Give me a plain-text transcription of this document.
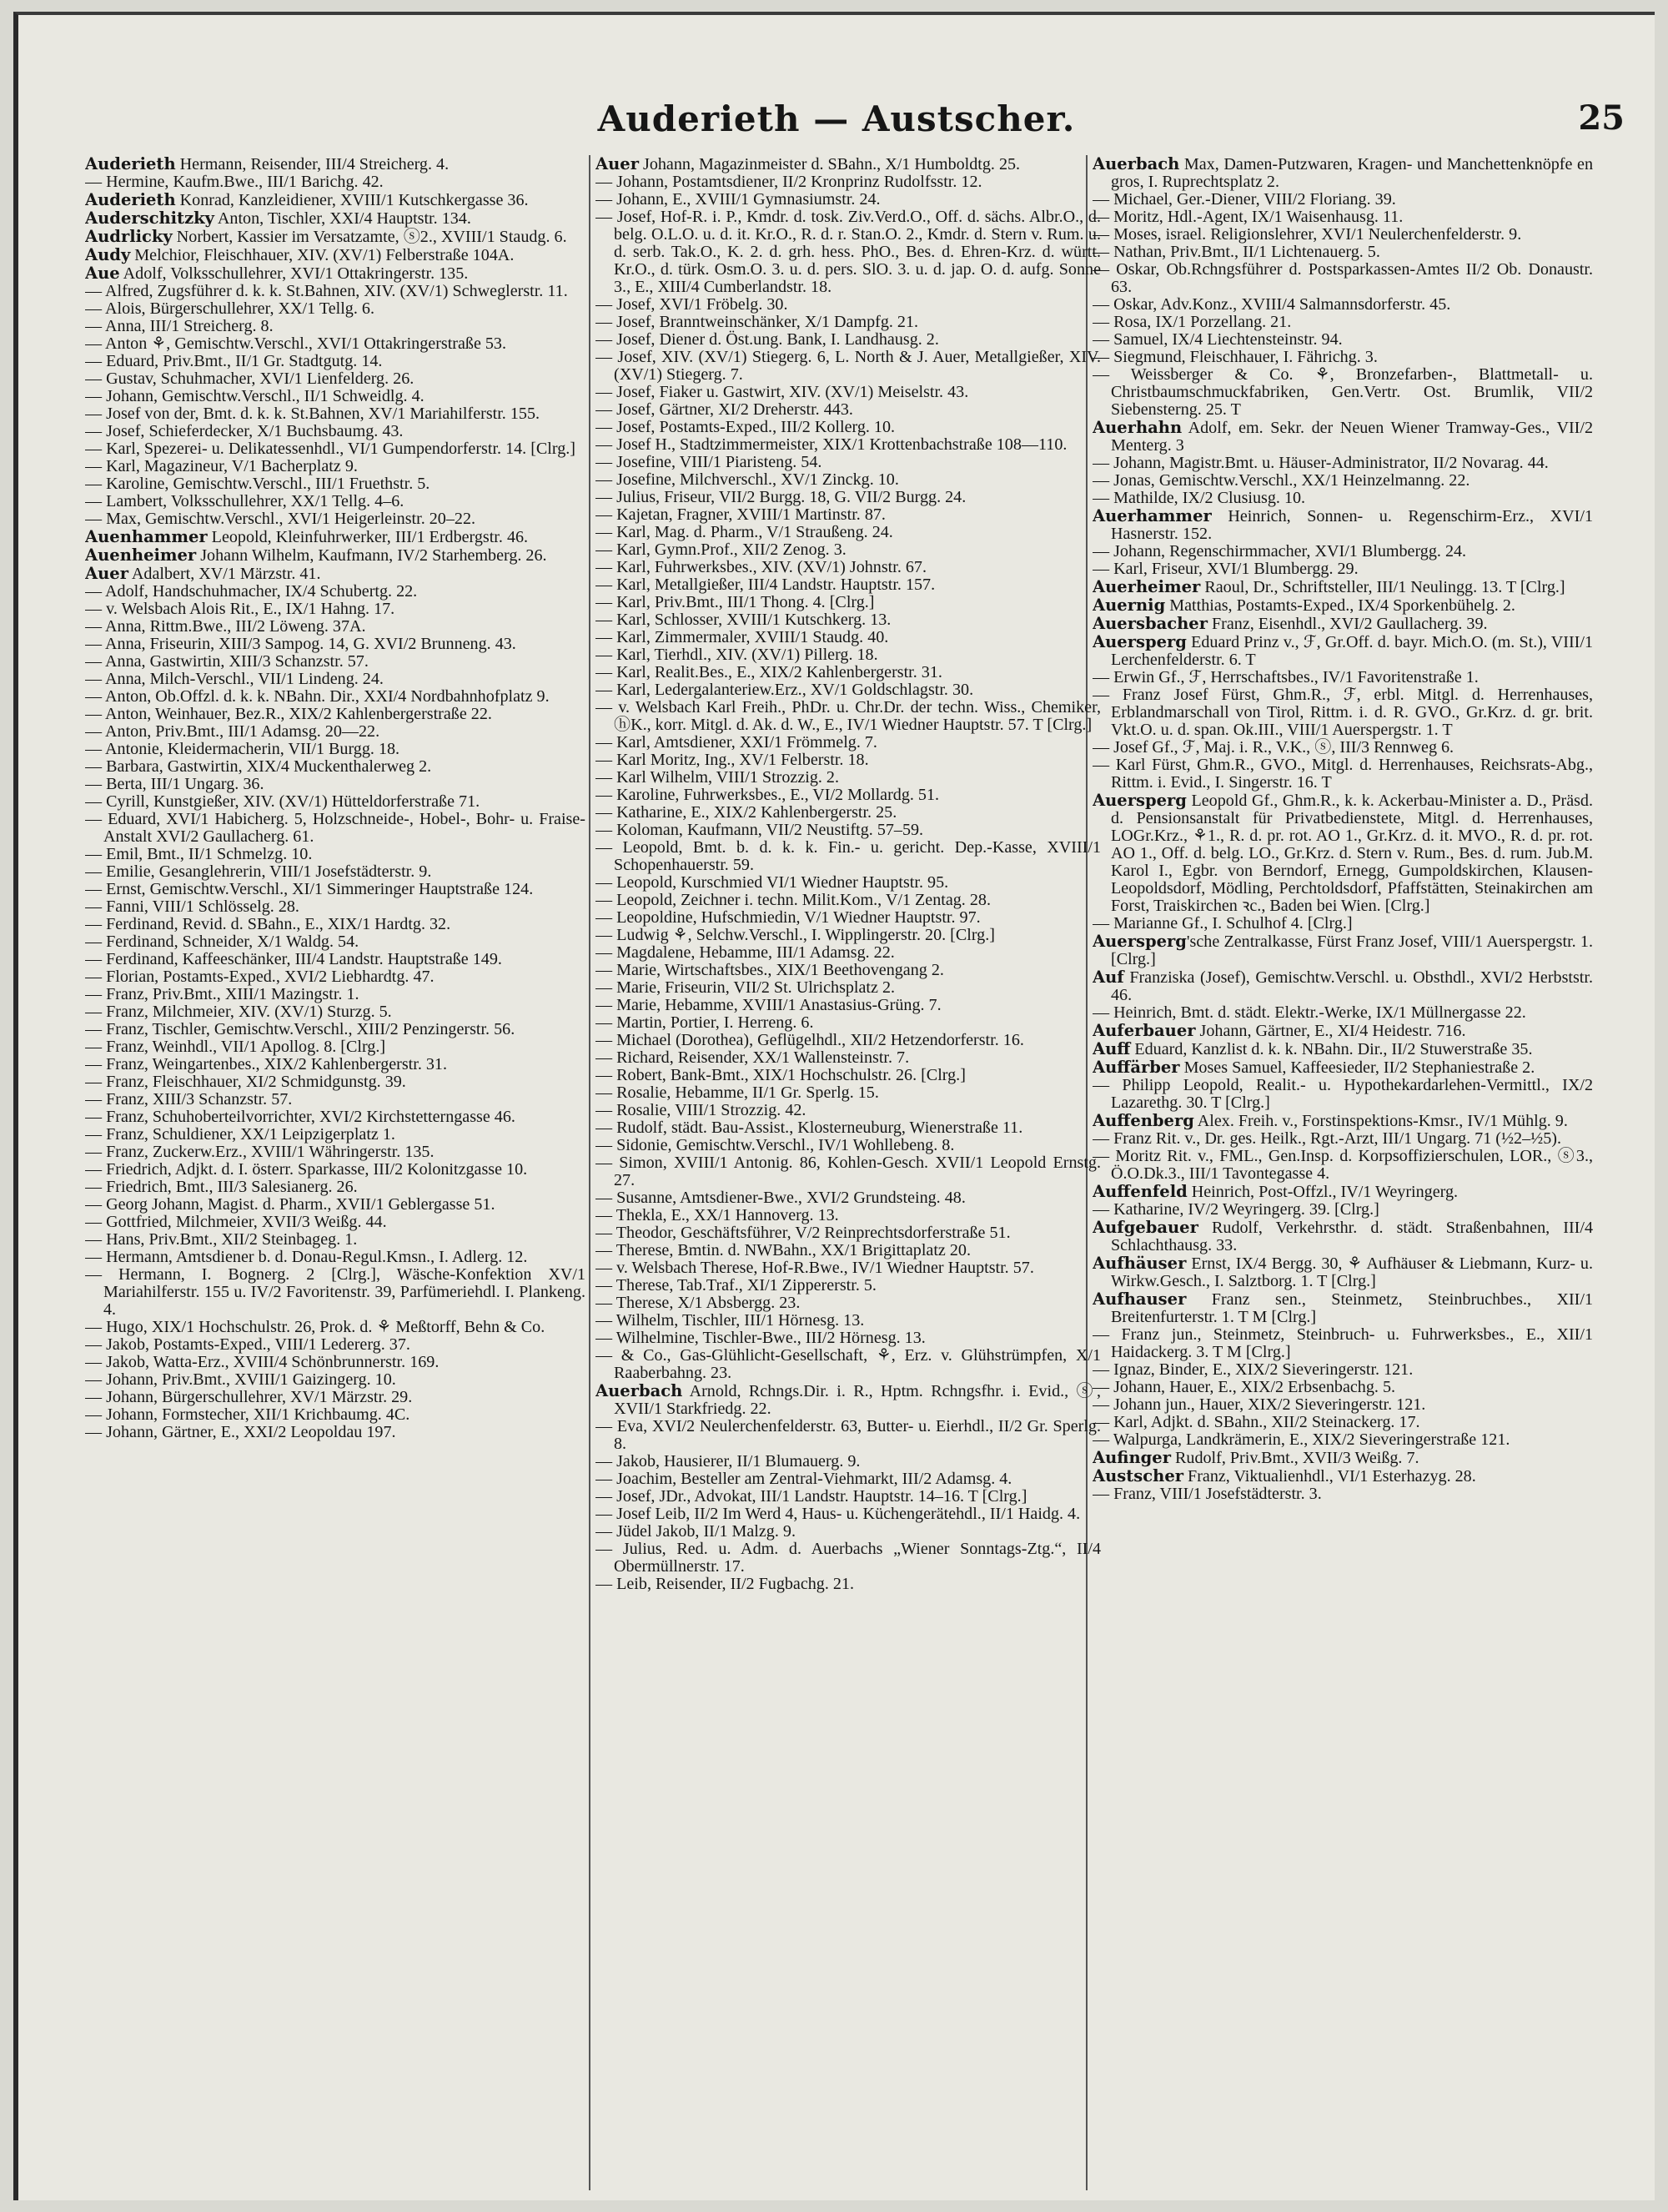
Auderieth — Austscher.	25

Auderieth Hermann, Reisender, III/4 Streicherg. 4.

— Hermine, Kaufm.Bwe., III/1 Barichg. 42.

Auderieth Konrad, Kanzleidiener, XVIII/1 Kutschkergasse 36.

Auderschitzky Anton, Tischler, XXI/4 Hauptstr. 134.

Audrlicky Norbert, Kassier im Versatzamte, ⓢ2., XVIII/1 Staudg. 6.

Audy Melchior, Fleischhauer, XIV. (XV/1) Felberstraße 104A.

Aue Adolf, Volksschullehrer, XVI/1 Ottakringerstr. 135.

— Alfred, Zugsführer d. k. k. St.Bahnen, XIV. (XV/1) Schweglerstr. 11.

— Alois, Bürgerschullehrer, XX/1 Tellg. 6.

— Anna, III/1 Streicherg. 8.

— Anton ⚘, Gemischtw.Verschl., XVI/1 Ottakringerstraße 53.

— Eduard, Priv.Bmt., II/1 Gr. Stadtgutg. 14.

— Gustav, Schuhmacher, XVI/1 Lienfelderg. 26.

— Johann, Gemischtw.Verschl., II/1 Schweidlg. 4.

— Josef von der, Bmt. d. k. k. St.Bahnen, XV/1 Mariahilferstr. 155.

— Josef, Schieferdecker, X/1 Buchsbaumg. 43.

— Karl, Spezerei- u. Delikatessenhdl., VI/1 Gumpendorferstr. 14. [Clrg.]

— Karl, Magazineur, V/1 Bacherplatz 9.

— Karoline, Gemischtw.Verschl., III/1 Fruethstr. 5.

— Lambert, Volksschullehrer, XX/1 Tellg. 4–6.

— Max, Gemischtw.Verschl., XVI/1 Heigerleinstr. 20–22.

Auenhammer Leopold, Kleinfuhrwerker, III/1 Erdbergstr. 46.

Auenheimer Johann Wilhelm, Kaufmann, IV/2 Starhemberg. 26.

Auer Adalbert, XV/1 Märzstr. 41.

— Adolf, Handschuhmacher, IX/4 Schubertg. 22.

— v. Welsbach Alois Rit., E., IX/1 Hahng. 17.

— Anna, Rittm.Bwe., III/2 Löweng. 37A.

— Anna, Friseurin, XIII/3 Sampog. 14, G. XVI/2 Brunneng. 43.

— Anna, Gastwirtin, XIII/3 Schanzstr. 57.

— Anna, Milch-Verschl., VII/1 Lindeng. 24.

— Anton, Ob.Offzl. d. k. k. NBahn. Dir., XXI/4 Nordbahnhofplatz 9.

— Anton, Weinhauer, Bez.R., XIX/2 Kahlenbergerstraße 22.

— Anton, Priv.Bmt., III/1 Adamsg. 20—22.

— Antonie, Kleidermacherin, VII/1 Burgg. 18.

— Barbara, Gastwirtin, XIX/4 Muckenthalerweg 2.

— Berta, III/1 Ungarg. 36.

— Cyrill, Kunstgießer, XIV. (XV/1) Hütteldorferstraße 71.

— Eduard, XVI/1 Habicherg. 5, Holzschneide-, Hobel-, Bohr- u. Fraise-Anstalt XVI/2 Gaullacherg. 61.

— Emil, Bmt., II/1 Schmelzg. 10.

— Emilie, Gesanglehrerin, VIII/1 Josefstädterstr. 9.

— Ernst, Gemischtw.Verschl., XI/1 Simmeringer Hauptstraße 124.

— Fanni, VIII/1 Schlösselg. 28.

— Ferdinand, Revid. d. SBahn., E., XIX/1 Hardtg. 32.

— Ferdinand, Schneider, X/1 Waldg. 54.

— Ferdinand, Kaffeeschänker, III/4 Landstr. Hauptstraße 149.

— Florian, Postamts-Exped., XVI/2 Liebhardtg. 47.

— Franz, Priv.Bmt., XIII/1 Mazingstr. 1.

— Franz, Milchmeier, XIV. (XV/1) Sturzg. 5.

— Franz, Tischler, Gemischtw.Verschl., XIII/2 Penzingerstr. 56.

— Franz, Weinhdl., VII/1 Apollog. 8. [Clrg.]

— Franz, Weingartenbes., XIX/2 Kahlenbergerstr. 31.

— Franz, Fleischhauer, XI/2 Schmidgunstg. 39.

— Franz, XIII/3 Schanzstr. 57.

— Franz, Schuhoberteilvorrichter, XVI/2 Kirchstetterngasse 46.

— Franz, Schuldiener, XX/1 Leipzigerplatz 1.

— Franz, Zuckerw.Erz., XVIII/1 Währingerstr. 135.

— Friedrich, Adjkt. d. I. österr. Sparkasse, III/2 Kolonitzgasse 10.

— Friedrich, Bmt., III/3 Salesianerg. 26.

— Georg Johann, Magist. d. Pharm., XVII/1 Geblergasse 51.

— Gottfried, Milchmeier, XVII/3 Weißg. 44.

— Hans, Priv.Bmt., XII/2 Steinbageg. 1.

— Hermann, Amtsdiener b. d. Donau-Regul.Kmsn., I. Adlerg. 12.

— Hermann, I. Bognerg. 2 [Clrg.], Wäsche-Konfektion XV/1 Mariahilferstr. 155 u. IV/2 Favoritenstr. 39, Parfümeriehdl. I. Plankeng. 4.

— Hugo, XIX/1 Hochschulstr. 26, Prok. d. ⚘ Meßtorff, Behn & Co.

— Jakob, Postamts-Exped., VIII/1 Ledererg. 37.

— Jakob, Watta-Erz., XVIII/4 Schönbrunnerstr. 169.

— Johann, Priv.Bmt., XVIII/1 Gaizingerg. 10.

— Johann, Bürgerschullehrer, XV/1 Märzstr. 29.

— Johann, Formstecher, XII/1 Krichbaumg. 4C.

— Johann, Gärtner, E., XXI/2 Leopoldau 197.

Auer Johann, Magazinmeister d. SBahn., X/1 Humboldtg. 25.

— Johann, Postamtsdiener, II/2 Kronprinz Rudolfsstr. 12.

— Johann, E., XVIII/1 Gymnasiumstr. 24.

— Josef, Hof-R. i. P., Kmdr. d. tosk. Ziv.Verd.O., Off. d. sächs. Albr.O., d. belg. O.L.O. u. d. it. Kr.O., R. d. r. Stan.O. 2., Kmdr. d. Stern v. Rum. u. d. serb. Tak.O., K. 2. d. grh. hess. PhO., Bes. d. Ehren-Krz. d. württ. Kr.O., d. türk. Osm.O. 3. u. d. pers. SlO. 3. u. d. jap. O. d. aufg. Sonne 3., E., XIII/4 Cumberlandstr. 18.

— Josef, XVI/1 Fröbelg. 30.

— Josef, Branntweinschänker, X/1 Dampfg. 21.

— Josef, Diener d. Öst.ung. Bank, I. Landhausg. 2.

— Josef, XIV. (XV/1) Stiegerg. 6, L. North & J. Auer, Metallgießer, XIV. (XV/1) Stiegerg. 7.

— Josef, Fiaker u. Gastwirt, XIV. (XV/1) Meiselstr. 43.

— Josef, Gärtner, XI/2 Dreherstr. 443.

— Josef, Postamts-Exped., III/2 Kollerg. 10.

— Josef H., Stadtzimmermeister, XIX/1 Krottenbachstraße 108—110.

— Josefine, VIII/1 Piaristeng. 54.

— Josefine, Milchverschl., XV/1 Zinckg. 10.

— Julius, Friseur, VII/2 Burgg. 18, G. VII/2 Burgg. 24.

— Kajetan, Fragner, XVIII/1 Martinstr. 87.

— Karl, Mag. d. Pharm., V/1 Straußeng. 24.

— Karl, Gymn.Prof., XII/2 Zenog. 3.

— Karl, Fuhrwerksbes., XIV. (XV/1) Johnstr. 67.

— Karl, Metallgießer, III/4 Landstr. Hauptstr. 157.

— Karl, Priv.Bmt., III/1 Thong. 4. [Clrg.]

— Karl, Schlosser, XVIII/1 Kutschkerg. 13.

— Karl, Zimmermaler, XVIII/1 Staudg. 40.

— Karl, Tierhdl., XIV. (XV/1) Pillerg. 18.

— Karl, Realit.Bes., E., XIX/2 Kahlenbergerstr. 31.

— Karl, Ledergalanteriew.Erz., XV/1 Goldschlagstr. 30.

— v. Welsbach Karl Freih., PhDr. u. Chr.Dr. der techn. Wiss., Chemiker, ⓗK., korr. Mitgl. d. Ak. d. W., E., IV/1 Wiedner Hauptstr. 57. T [Clrg.]

— Karl, Amtsdiener, XXI/1 Frömmelg. 7.

— Karl Moritz, Ing., XV/1 Felberstr. 18.

— Karl Wilhelm, VIII/1 Strozzig. 2.

— Karoline, Fuhrwerksbes., E., VI/2 Mollardg. 51.

— Katharine, E., XIX/2 Kahlenbergerstr. 25.

— Koloman, Kaufmann, VII/2 Neustiftg. 57–59.

— Leopold, Bmt. b. d. k. k. Fin.- u. gericht. Dep.-Kasse, XVIII/1 Schopenhauerstr. 59.

— Leopold, Kurschmied VI/1 Wiedner Hauptstr. 95.

— Leopold, Zeichner i. techn. Milit.Kom., V/1 Zentag. 28.

— Leopoldine, Hufschmiedin, V/1 Wiedner Hauptstr. 97.

— Ludwig ⚘, Selchw.Verschl., I. Wipplingerstr. 20. [Clrg.]

— Magdalene, Hebamme, III/1 Adamsg. 22.

— Marie, Wirtschaftsbes., XIX/1 Beethovengang 2.

— Marie, Friseurin, VII/2 St. Ulrichsplatz 2.

— Marie, Hebamme, XVIII/1 Anastasius-Grüng. 7.

— Martin, Portier, I. Herreng. 6.

— Michael (Dorothea), Geflügelhdl., XII/2 Hetzendorferstr. 16.

— Richard, Reisender, XX/1 Wallensteinstr. 7.

— Robert, Bank-Bmt., XIX/1 Hochschulstr. 26. [Clrg.]

— Rosalie, Hebamme, II/1 Gr. Sperlg. 15.

— Rosalie, VIII/1 Strozzig. 42.

— Rudolf, städt. Bau-Assist., Klosterneuburg, Wienerstraße 11.

— Sidonie, Gemischtw.Verschl., IV/1 Wohllebeng. 8.

— Simon, XVIII/1 Antonig. 86, Kohlen-Gesch. XVII/1 Leopold Ernstg. 27.

— Susanne, Amtsdiener-Bwe., XVI/2 Grundsteing. 48.

— Thekla, E., XX/1 Hannoverg. 13.

— Theodor, Geschäftsführer, V/2 Reinprechtsdorferstraße 51.

— Therese, Bmtin. d. NWBahn., XX/1 Brigittaplatz 20.

— v. Welsbach Therese, Hof-R.Bwe., IV/1 Wiedner Hauptstr. 57.

— Therese, Tab.Traf., XI/1 Zippererstr. 5.

— Therese, X/1 Absbergg. 23.

— Wilhelm, Tischler, III/1 Hörnesg. 13.

— Wilhelmine, Tischler-Bwe., III/2 Hörnesg. 13.

— & Co., Gas-Glühlicht-Gesellschaft, ⚘, Erz. v. Glühstrümpfen, X/1 Raaberbahng. 23.

Auerbach Arnold, Rchngs.Dir. i. R., Hptm. Rchngsfhr. i. Evid., ⓢ, XVII/1 Starkfriedg. 22.

— Eva, XVI/2 Neulerchenfelderstr. 63, Butter- u. Eierhdl., II/2 Gr. Sperlg. 8.

— Jakob, Hausierer, II/1 Blumauerg. 9.

— Joachim, Besteller am Zentral-Viehmarkt, III/2 Adamsg. 4.

— Josef, JDr., Advokat, III/1 Landstr. Hauptstr. 14–16. T [Clrg.]

— Josef Leib, II/2 Im Werd 4, Haus- u. Küchengerätehdl., II/1 Haidg. 4.

— Jüdel Jakob, II/1 Malzg. 9.

— Julius, Red. u. Adm. d. Auerbachs „Wiener Sonntags-Ztg.“, II/4 Obermüllnerstr. 17.

— Leib, Reisender, II/2 Fugbachg. 21.

Auerbach Max, Damen-Putzwaren, Kragen- und Manchettenknöpfe en gros, I. Ruprechtsplatz 2.

— Michael, Ger.-Diener, VIII/2 Floriang. 39.

— Moritz, Hdl.-Agent, IX/1 Waisenhausg. 11.

— Moses, israel. Religionslehrer, XVI/1 Neulerchenfelderstr. 9.

— Nathan, Priv.Bmt., II/1 Lichtenauerg. 5.

— Oskar, Ob.Rchngsführer d. Postsparkassen-Amtes II/2 Ob. Donaustr. 63.

— Oskar, Adv.Konz., XVIII/4 Salmannsdorferstr. 45.

— Rosa, IX/1 Porzellang. 21.

— Samuel, IX/4 Liechtensteinstr. 94.

— Siegmund, Fleischhauer, I. Fährichg. 3.

— Weissberger & Co. ⚘, Bronzefarben-, Blattmetall- u. Christbaumschmuckfabriken, Gen.Vertr. Ost. Brumlik, VII/2 Siebensterng. 25. T

Auerhahn Adolf, em. Sekr. der Neuen Wiener Tramway-Ges., VII/2 Menterg. 3

— Johann, Magistr.Bmt. u. Häuser-Administrator, II/2 Novarag. 44.

— Jonas, Gemischtw.Verschl., XX/1 Heinzelmanng. 22.

— Mathilde, IX/2 Clusiusg. 10.

Auerhammer Heinrich, Sonnen- u. Regenschirm-Erz., XVI/1 Hasnerstr. 152.

— Johann, Regenschirmmacher, XVI/1 Blumbergg. 24.

— Karl, Friseur, XVI/1 Blumbergg. 29.

Auerheimer Raoul, Dr., Schriftsteller, III/1 Neulingg. 13. T [Clrg.]

Auernig Matthias, Postamts-Exped., IX/4 Sporkenbühelg. 2.

Auersbacher Franz, Eisenhdl., XVI/2 Gaullacherg. 39.

Auersperg Eduard Prinz v., ℱ, Gr.Off. d. bayr. Mich.O. (m. St.), VIII/1 Lerchenfelderstr. 6. T

— Erwin Gf., ℱ, Herrschaftsbes., IV/1 Favoritenstraße 1.

— Franz Josef Fürst, Ghm.R., ℱ, erbl. Mitgl. d. Herrenhauses, Erblandmarschall von Tirol, Rittm. i. d. R. GVO., Gr.Krz. d. gr. brit. Vkt.O. u. d. span. Ok.III., VIII/1 Auerspergstr. 1. T

— Josef Gf., ℱ, Maj. i. R., V.K., ⓢ, III/3 Rennweg 6.

— Karl Fürst, Ghm.R., GVO., Mitgl. d. Herrenhauses, Reichsrats-Abg., Rittm. i. Evid., I. Singerstr. 16. T

Auersperg Leopold Gf., Ghm.R., k. k. Ackerbau-Minister a. D., Präsd. d. Pensionsanstalt für Privatbedienstete, Mitgl. d. Herrenhauses, LOGr.Krz., ⚘1., R. d. pr. rot. AO 1., Gr.Krz. d. it. MVO., R. d. pr. rot. AO 1., Off. d. belg. LO., Gr.Krz. d. Stern v. Rum., Bes. d. rum. Jub.M. Karol I., Egbr. von Berndorf, Ernegg, Gumpoldskirchen, Klausen-Leopoldsdorf, Mödling, Perchtoldsdorf, Pfaffstätten, Steinakirchen am Forst, Traiskirchen ꝛc., Baden bei Wien. [Clrg.]

— Marianne Gf., I. Schulhof 4. [Clrg.]

Auersperg'sche Zentralkasse, Fürst Franz Josef, VIII/1 Auerspergstr. 1. [Clrg.]

Auf Franziska (Josef), Gemischtw.Verschl. u. Obsthdl., XVI/2 Herbststr. 46.

— Heinrich, Bmt. d. städt. Elektr.-Werke, IX/1 Müllnergasse 22.

Auferbauer Johann, Gärtner, E., XI/4 Heidestr. 716.

Auff Eduard, Kanzlist d. k. k. NBahn. Dir., II/2 Stuwerstraße 35.

Auffärber Moses Samuel, Kaffeesieder, II/2 Stephaniestraße 2.

— Philipp Leopold, Realit.- u. Hypothekardarlehen-Vermittl., IX/2 Lazarethg. 30. T [Clrg.]

Auffenberg Alex. Freih. v., Forstinspektions-Kmsr., IV/1 Mühlg. 9.

— Franz Rit. v., Dr. ges. Heilk., Rgt.-Arzt, III/1 Ungarg. 71 (½2–½5).

— Moritz Rit. v., FML., Gen.Insp. d. Korpsoffizierschulen, LOR., ⓢ3., Ö.O.Dk.3., III/1 Tavontegasse 4.

Auffenfeld Heinrich, Post-Offzl., IV/1 Weyringerg.

— Katharine, IV/2 Weyringerg. 39. [Clrg.]

Aufgebauer Rudolf, Verkehrsthr. d. städt. Straßenbahnen, III/4 Schlachthausg. 33.

Aufhäuser Ernst, IX/4 Bergg. 30, ⚘ Aufhäuser & Liebmann, Kurz- u. Wirkw.Gesch., I. Salztborg. 1. T [Clrg.]

Aufhauser Franz sen., Steinmetz, Steinbruchbes., XII/1 Breitenfurterstr. 1. T M [Clrg.]

— Franz jun., Steinmetz, Steinbruch- u. Fuhrwerksbes., E., XII/1 Haidackerg. 3. T M [Clrg.]

— Ignaz, Binder, E., XIX/2 Sieveringerstr. 121.

— Johann, Hauer, E., XIX/2 Erbsenbachg. 5.

— Johann jun., Hauer, XIX/2 Sieveringerstr. 121.

— Karl, Adjkt. d. SBahn., XII/2 Steinackerg. 17.

— Walpurga, Landkrämerin, E., XIX/2 Sieveringerstraße 121.

Aufinger Rudolf, Priv.Bmt., XVII/3 Weißg. 7.

Austscher Franz, Viktualienhdl., VI/1 Esterhazyg. 28.

— Franz, VIII/1 Josefstädterstr. 3.
